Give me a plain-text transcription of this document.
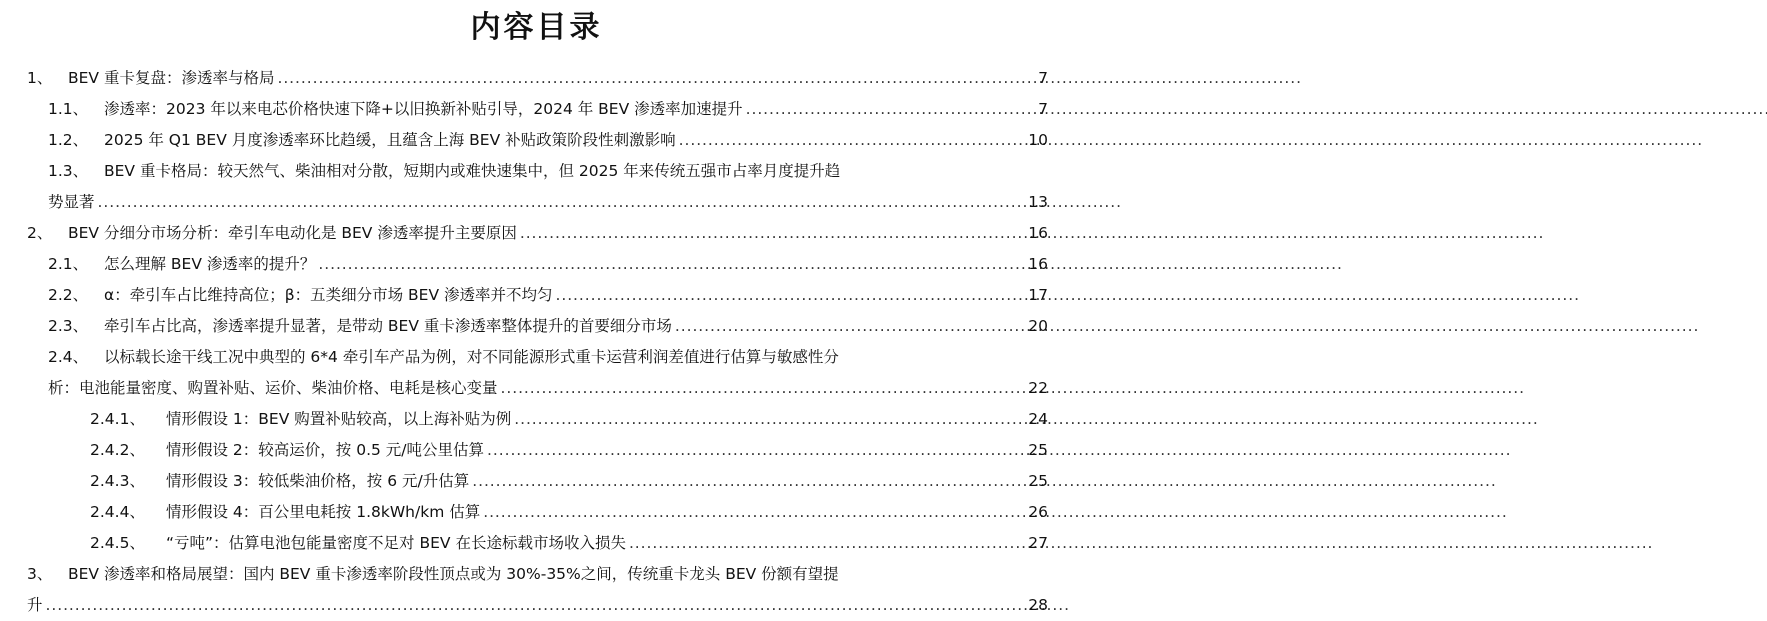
内容目录
1、	BEV 重卡复盘：渗透率与格局 . . .	7
1.1、	渗透率：2023 年以来电芯价格快速下降+以旧换新补贴引导，2024 年 BEV 渗透率加速提升 . . .	7
1.2、	2025 年 Q1 BEV 月度渗透率环比趋缓，且蕴含上海 BEV 补贴政策阶段性刺激影响 . . .	10
1.3、 BEV 重卡格局：较天然气、柴油相对分散，短期内或难快速集中，但 2025 年来传统五强市占率月度提升趋
势显著 . . .	13
2、	BEV 分细分市场分析：牵引车电动化是 BEV 渗透率提升主要原因 . . .	16
2.1、	怎么理解 BEV 渗透率的提升？ . . .	16
2.2、	α：牵引车占比维持高位；β：五类细分市场 BEV 渗透率并不均匀 . . .	17
2.3、	牵引车占比高，渗透率提升显著，是带动 BEV 重卡渗透率整体提升的首要细分市场 . . .	20
2.4、 以标载长途干线工况中典型的 6*4 牵引车产品为例，对不同能源形式重卡运营利润差值进行估算与敏感性分
析：电池能量密度、购置补贴、运价、柴油价格、电耗是核心变量 . . .	22
2.4.1、	情形假设 1：BEV 购置补贴较高，以上海补贴为例 . . .	24
2.4.2、	情形假设 2：较高运价，按 0.5 元/吨公里估算 . . .	25
2.4.3、	情形假设 3：较低柴油价格，按 6 元/升估算 . . .	25
2.4.4、	情形假设 4：百公里电耗按 1.8kWh/km 估算 . . .	26
2.4.5、	“亏吨”：估算电池包能量密度不足对 BEV 在长途标载市场收入损失 . . .	27
3、 BEV 渗透率和格局展望：国内 BEV 重卡渗透率阶段性顶点或为 30%-35%之间，传统重卡龙头 BEV 份额有望提
升 . . .	28
